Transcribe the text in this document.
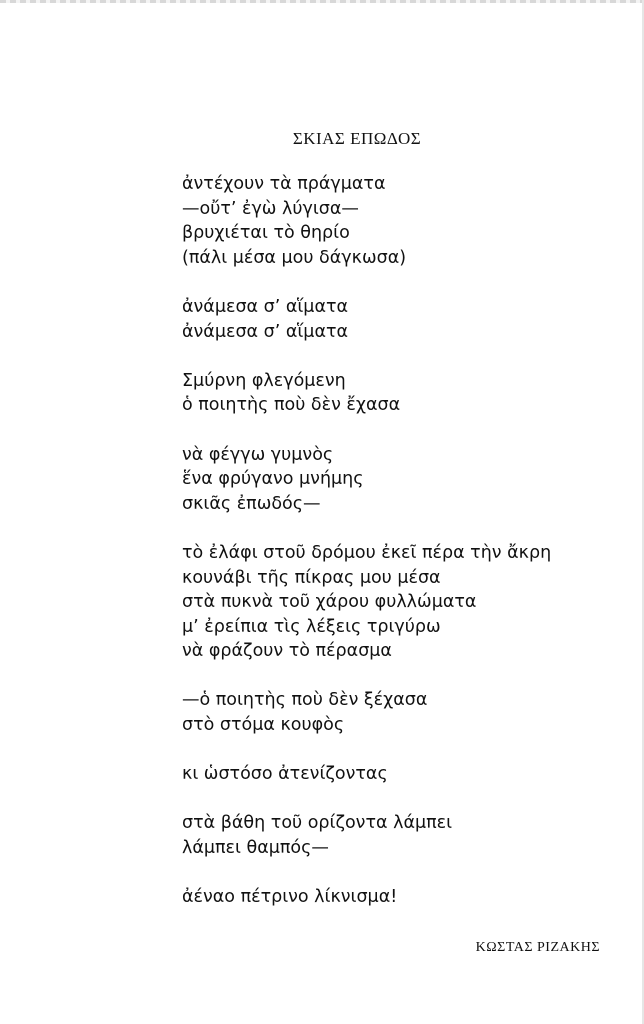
ΣΚΙΑΣ ΕΠΩΔΟΣ
ἀντέχουν τὰ πράγματα
—οὔτ’ ἐγὼ λύγισα—
βρυχιέται τὸ θηρίο
(πάλι μέσα μου δάγκωσα)
ἀνάμεσα σ’ αἵματα
ἀνάμεσα σ’ αἵματα
Σμύρνη φλεγόμενη
ὁ ποιητὴς ποὺ δὲν ἔχασα
νὰ φέγγω γυμνὸς
ἕνα φρύγανο μνήμης
σκιᾶς ἐπωδός—
τὸ ἐλάφι στοῦ δρόμου ἐκεῖ πέρα τὴν ἄκρη
κουνάβι τῆς πίκρας μου μέσα
στὰ πυκνὰ τοῦ χάρου φυλλώματα
μ’ ἐρείπια τὶς λέξεις τριγύρω
νὰ φράζουν τὸ πέρασμα
—ὁ ποιητὴς ποὺ δὲν ξέχασα
στὸ στόμα κουφὸς
κι ὡστόσο ἀτενίζοντας
στὰ βάθη τοῦ ορίζοντα λάμπει
λάμπει θαμπός—
ἀέναο πέτρινο λίκνισμα!
ΚΩΣΤΑΣ ΡΙΖΑΚΗΣ
